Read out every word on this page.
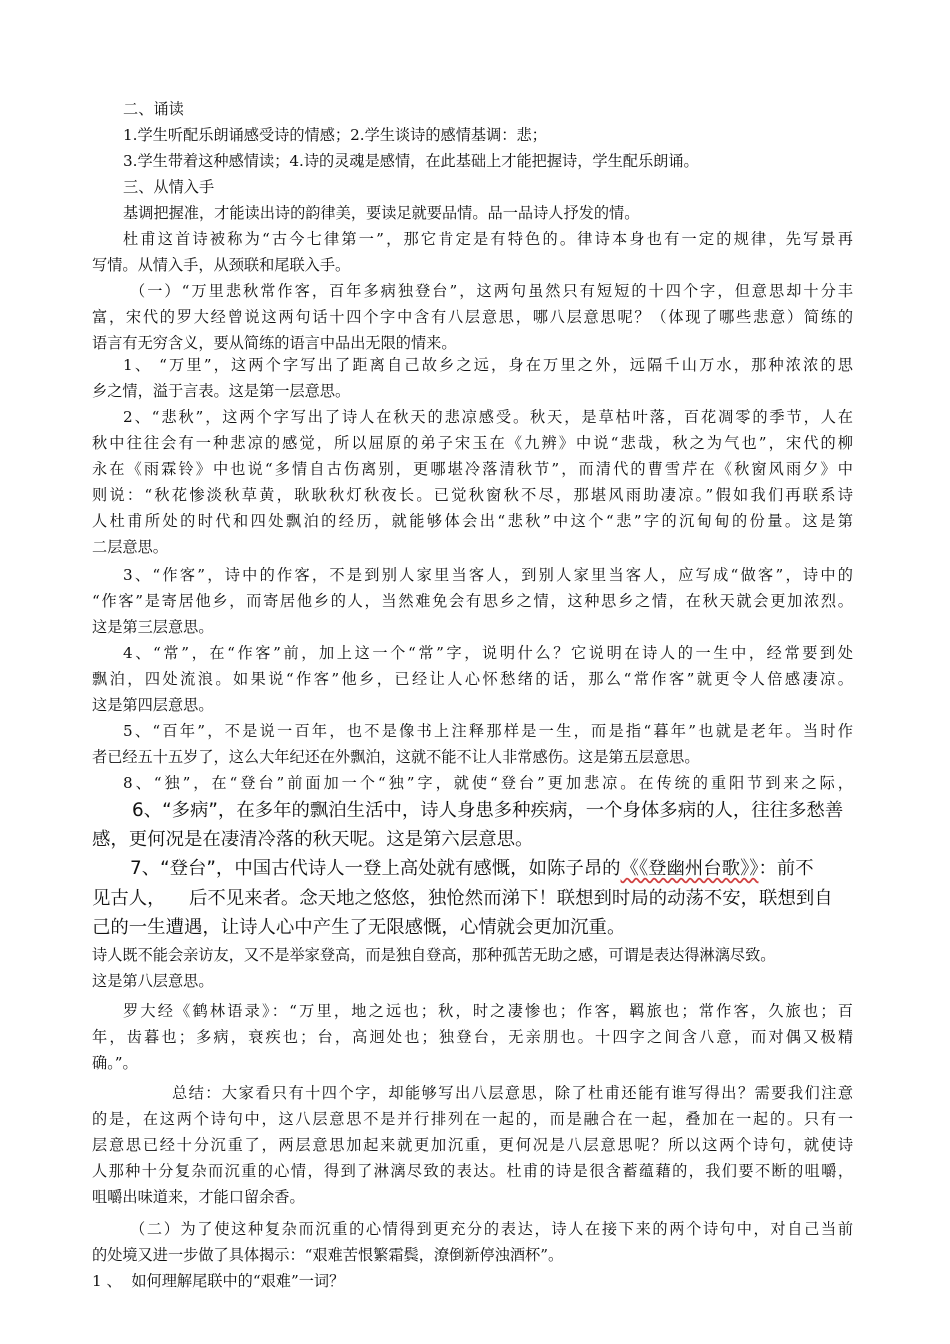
二、诵读
1.学生听配乐朗诵感受诗的情感；2.学生谈诗的感情基调：悲；
3.学生带着这种感情读；4.诗的灵魂是感情，在此基础上才能把握诗，学生配乐朗诵。
三、从情入手
基调把握准，才能读出诗的韵律美，要读足就要品情。品一品诗人抒发的情。
杜甫这首诗被称为“古今七律第一”，那它肯定是有特色的。律诗本身也有一定的规律，先写景再
写情。从情入手，从颈联和尾联入手。
（一）“万里悲秋常作客，百年多病独登台”，这两句虽然只有短短的十四个字，但意思却十分丰
富，宋代的罗大经曾说这两句话十四个字中含有八层意思，哪八层意思呢？（体现了哪些悲意）简练的
语言有无穷含义，要从简练的语言中品出无限的情来。
1、 “万里”，这两个字写出了距离自己故乡之远，身在万里之外，远隔千山万水，那种浓浓的思
乡之情，溢于言表。这是第一层意思。
2、“悲秋”，这两个字写出了诗人在秋天的悲凉感受。秋天，是草枯叶落，百花凋零的季节，人在
秋中往往会有一种悲凉的感觉，所以屈原的弟子宋玉在《九辨》中说“悲哉，秋之为气也”，宋代的柳
永在《雨霖铃》中也说“多情自古伤离别，更哪堪冷落清秋节”，而清代的曹雪芹在《秋窗风雨夕》中
则说：“秋花惨淡秋草黄，耿耿秋灯秋夜长。已觉秋窗秋不尽，那堪风雨助凄凉。”假如我们再联系诗
人杜甫所处的时代和四处飘泊的经历，就能够体会出“悲秋”中这个“悲”字的沉甸甸的份量。这是第
二层意思。
3、“作客”，诗中的作客，不是到别人家里当客人，到别人家里当客人，应写成“做客”，诗中的
“作客”是寄居他乡，而寄居他乡的人，当然难免会有思乡之情，这种思乡之情，在秋天就会更加浓烈。
这是第三层意思。
4、“常”，在“作客”前，加上这一个“常”字，说明什么？它说明在诗人的一生中，经常要到处
飘泊，四处流浪。如果说“作客”他乡，已经让人心怀愁绪的话，那么“常作客”就更令人倍感凄凉。
这是第四层意思。
5、“百年”，不是说一百年，也不是像书上注释那样是一生，而是指“暮年”也就是老年。当时作
者已经五十五岁了，这么大年纪还在外飘泊，这就不能不让人非常感伤。这是第五层意思。
8、“独”，在“登台”前面加一个“独”字，就使“登台”更加悲凉。在传统的重阳节到来之际，
6、“多病”，在多年的飘泊生活中，诗人身患多种疾病，一个身体多病的人，往往多愁善
感，更何况是在凄清冷落的秋天呢。这是第六层意思。
7、“登台”，中国古代诗人一登上高处就有感慨，如陈子昂的《《登幽州台歌》》：前不
见古人，    后不见来者。念天地之悠悠，独怆然而涕下！联想到时局的动荡不安，联想到自
己的一生遭遇，让诗人心中产生了无限感慨，心情就会更加沉重。
诗人既不能会亲访友，又不是举家登高，而是独自登高，那种孤苦无助之感，可谓是表达得淋漓尽致。
这是第八层意思。
罗大经《鹤林语录》：“万里，地之远也；秋，时之凄惨也；作客，羁旅也；常作客，久旅也；百
年，齿暮也；多病，衰疾也；台，高迥处也；独登台，无亲朋也。十四字之间含八意，而对偶又极精
确。”。
总结：大家看只有十四个字，却能够写出八层意思，除了杜甫还能有谁写得出？需要我们注意
的是，在这两个诗句中，这八层意思不是并行排列在一起的，而是融合在一起，叠加在一起的。只有一
层意思已经十分沉重了，两层意思加起来就更加沉重，更何况是八层意思呢？所以这两个诗句，就使诗
人那种十分复杂而沉重的心情，得到了淋漓尽致的表达。杜甫的诗是很含蓄蕴藉的，我们要不断的咀嚼，
咀嚼出味道来，才能口留余香。
（二）为了使这种复杂而沉重的心情得到更充分的表达，诗人在接下来的两个诗句中，对自己当前
的处境又进一步做了具体揭示：“艰难苦恨繁霜鬓，潦倒新停浊酒杯”。
1 、  如何理解尾联中的“艰难”一词？
